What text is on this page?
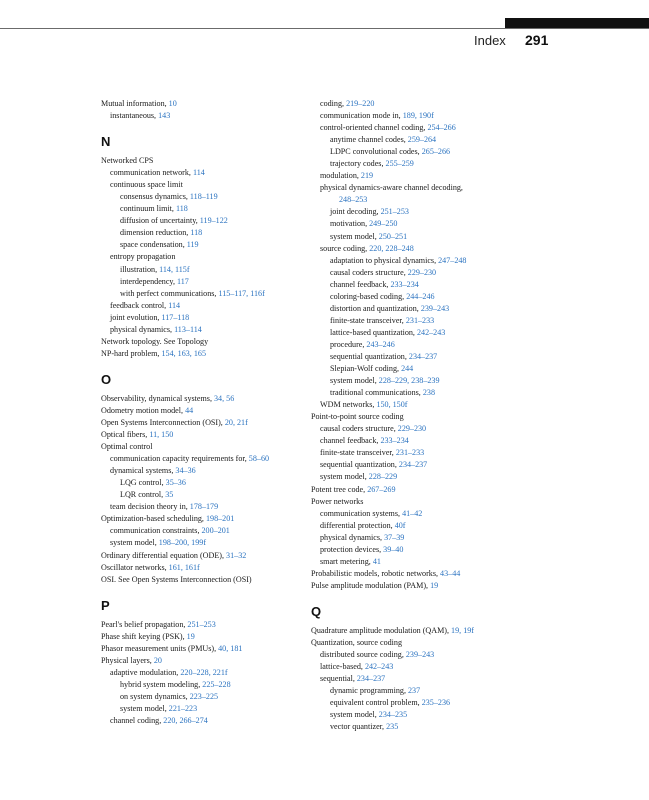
Index 291
Mutual information, 10
instantaneous, 143
N
Networked CPS
communication network, 114
continuous space limit
consensus dynamics, 118–119
continuum limit, 118
diffusion of uncertainty, 119–122
dimension reduction, 118
space condensation, 119
entropy propagation
illustration, 114, 115f
interdependency, 117
with perfect communications, 115–117, 116f
feedback control, 114
joint evolution, 117–118
physical dynamics, 113–114
Network topology. See Topology
NP-hard problem, 154, 163, 165
O
Observability, dynamical systems, 34, 56
Odometry motion model, 44
Open Systems Interconnection (OSI), 20, 21f
Optical fibers, 11, 150
Optimal control
communication capacity requirements for, 58–60
dynamical systems, 34–36
LQG control, 35–36
LQR control, 35
team decision theory in, 178–179
Optimization-based scheduling, 198–201
communication constraints, 200–201
system model, 198–200, 199f
Ordinary differential equation (ODE), 31–32
Oscillator networks, 161, 161f
OSI. See Open Systems Interconnection (OSI)
P
Pearl's belief propagation, 251–253
Phase shift keying (PSK), 19
Phasor measurement units (PMUs), 40, 181
Physical layers, 20
adaptive modulation, 220–228, 221f
hybrid system modeling, 225–228
on system dynamics, 223–225
system model, 221–223
channel coding, 220, 266–274
coding, 219–220
communication mode in, 189, 190f
control-oriented channel coding, 254–266
anytime channel codes, 259–264
LDPC convolutional codes, 265–266
trajectory codes, 255–259
modulation, 219
physical dynamics-aware channel decoding,
248–253
joint decoding, 251–253
motivation, 249–250
system model, 250–251
source coding, 220, 228–248
adaptation to physical dynamics, 247–248
causal coders structure, 229–230
channel feedback, 233–234
coloring-based coding, 244–246
distortion and quantization, 239–243
finite-state transceiver, 231–233
lattice-based quantization, 242–243
procedure, 243–246
sequential quantization, 234–237
Slepian-Wolf coding, 244
system model, 228–229, 238–239
traditional communications, 238
WDM networks, 150, 150f
Point-to-point source coding
causal coders structure, 229–230
channel feedback, 233–234
finite-state transceiver, 231–233
sequential quantization, 234–237
system model, 228–229
Potent tree code, 267–269
Power networks
communication systems, 41–42
differential protection, 40f
physical dynamics, 37–39
protection devices, 39–40
smart metering, 41
Probabilistic models, robotic networks, 43–44
Pulse amplitude modulation (PAM), 19
Q
Quadrature amplitude modulation (QAM), 19, 19f
Quantization, source coding
distributed source coding, 239–243
lattice-based, 242–243
sequential, 234–237
dynamic programming, 237
equivalent control problem, 235–236
system model, 234–235
vector quantizer, 235
